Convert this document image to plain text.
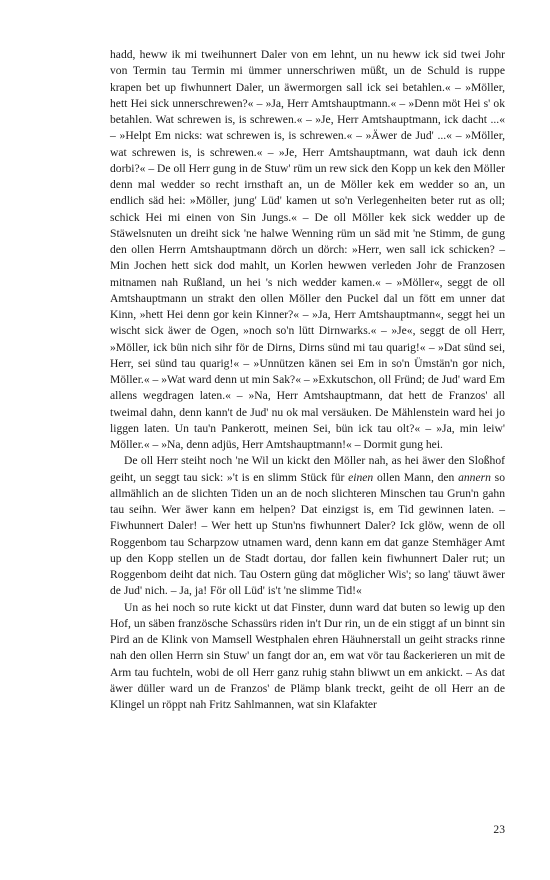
hadd, heww ik mi tweihunnert Daler von em lehnt, un nu heww ick sid twei Johr von Termin tau Termin mi ümmer unnerschriwen müßt, un de Schuld is ruppe krapen bet up fiwhunnert Daler, un äwermorgen sall ick sei betahlen.« – »Möller, hett Hei sick unnerschrewen?« – »Ja, Herr Amtshauptmann.« – »Denn möt Hei s' ok betahlen. Wat schrewen is, is schrewen.« – »Je, Herr Amtshauptmann, ick dacht ...« – »Helpt Em nicks: wat schrewen is, is schrewen.« – »Äwer de Jud' ...« – »Möller, wat schrewen is, is schrewen.« – »Je, Herr Amtshauptmann, wat dauh ick denn dorbi?« – De oll Herr gung in de Stuw' rüm un rew sick den Kopp un kek den Möller denn mal wedder so recht irnsthaft an, un de Möller kek em wedder so an, un endlich säd hei: »Möller, jung' Lüd' kamen ut so'n Verlegenheiten beter rut as oll; schick Hei mi einen von Sin Jungs.« – De oll Möller kek sick wedder up de Stäwelsnuten un dreiht sick 'ne halwe Wenning rüm un säd mit 'ne Stimm, de gung den ollen Herrn Amtshauptmann dörch un dörch: »Herr, wen sall ick schicken? – Min Jochen hett sick dod mahlt, un Korlen hewwen verleden Johr de Franzosen mitnamen nah Rußland, un hei 's nich wedder kamen.« – »Möller«, seggt de oll Amtshauptmann un strakt den ollen Möller den Puckel dal un fött em unner dat Kinn, »hett Hei denn gor kein Kinner?« – »Ja, Herr Amtshauptmann«, seggt hei un wischt sick äwer de Ogen, »noch so'n lütt Dirnwarks.« – »Je«, seggt de oll Herr, »Möller, ick bün nich sihr för de Dirns, Dirns sünd mi tau quarig!« – »Dat sünd sei, Herr, sei sünd tau quarig!« – »Unnützen känen sei Em in so'n Ümstän'n gor nich, Möller.« – »Wat ward denn ut min Sak?« – »Exkutschon, oll Fründ; de Jud' ward Em allens wegdragen laten.« – »Na, Herr Amtshauptmann, dat hett de Franzos' all tweimal dahn, denn kann't de Jud' nu ok mal versäuken. De Mählenstein ward hei jo liggen laten. Un tau'n Pankerott, meinen Sei, bün ick tau olt?« – »Ja, min leiw' Möller.« – »Na, denn adjüs, Herr Amtshauptmann!« – Dormit gung hei.

De oll Herr steiht noch 'ne Wil un kickt den Möller nah, as hei äwer den Sloßhof geiht, un seggt tau sick: »'t is en slimm Stück für einen ollen Mann, den annern so allmählich an de slichten Tiden un an de noch slichteren Minschen tau Grun'n gahn tau seihn. Wer äwer kann em helpen? Dat einzigst is, em Tid gewinnen laten. – Fiwhunnert Daler! – Wer hett up Stun'ns fiwhunnert Daler? Ick glöw, wenn de oll Roggenbom tau Scharpzow utnamen ward, denn kann em dat ganze Stemhäger Amt up den Kopp stellen un de Stadt dortau, dor fallen kein fiwhunnert Daler rut; un Roggenbom deiht dat nich. Tau Ostern güng dat möglicher Wis'; so lang' täuwt äwer de Jud' nich. – Ja, ja! För oll Lüd' is't 'ne slimme Tid!«

Un as hei noch so rute kickt ut dat Finster, dunn ward dat buten so lewig up den Hof, un säben französche Schassürs riden in't Dur rin, un de ein stiggt af un binnt sin Pird an de Klink von Mamsell Westphalen ehren Häuhnerstall un geiht stracks rinne nah den ollen Herrn sin Stuw' un fangt dor an, em wat vör tau ßackerieren un mit de Arm tau fuchteln, wobi de oll Herr ganz ruhig stahn bliwwt un em ankickt. – As dat äwer düller ward un de Franzos' de Plämp blank treckt, geiht de oll Herr an de Klingel un röppt nah Fritz Sahlmannen, wat sin Klafakter

23
